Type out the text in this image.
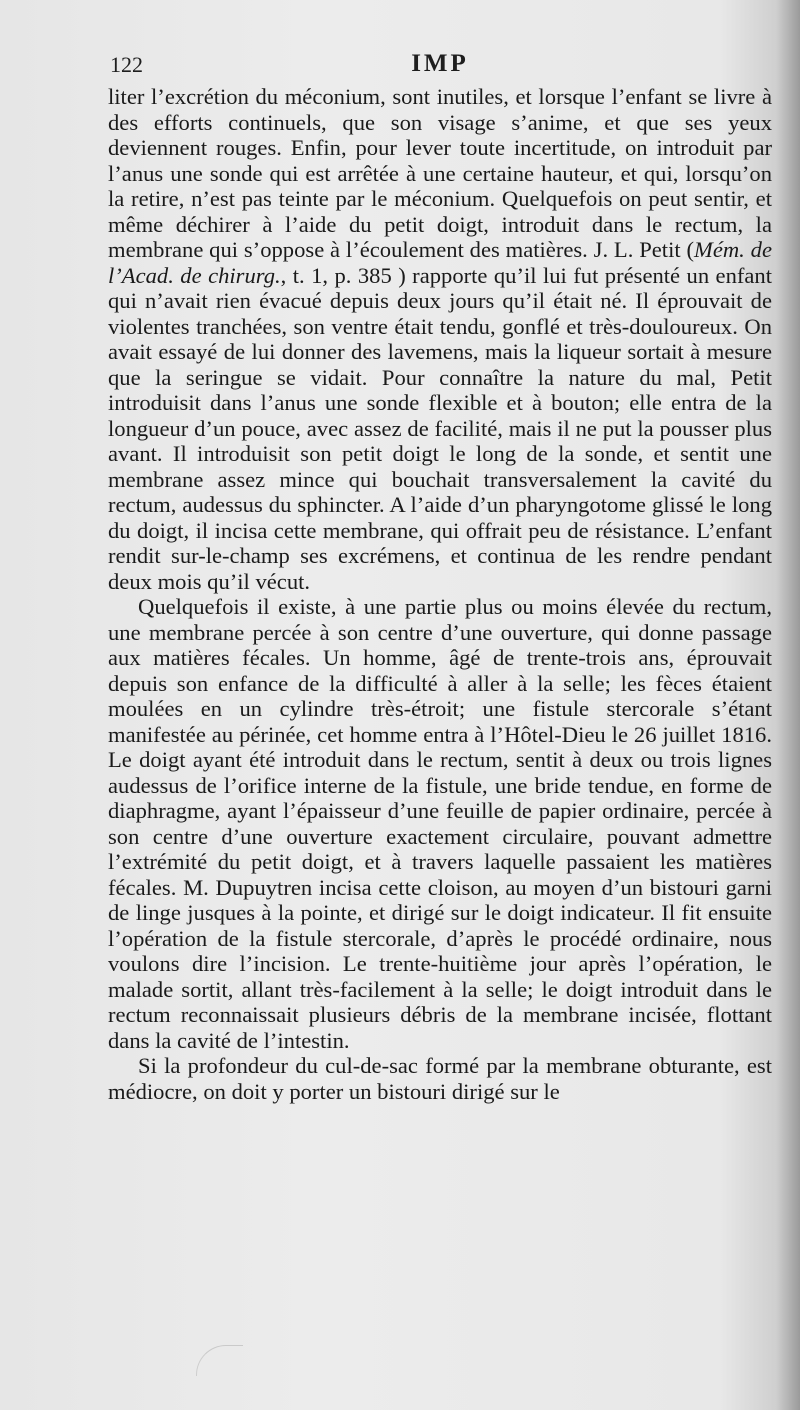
122	IMP

liter l’excrétion du méconium, sont inutiles, et lorsque l’enfant se livre à des efforts continuels, que son visage s’anime, et que ses yeux deviennent rouges. Enfin, pour lever toute incertitude, on introduit par l’anus une sonde qui est arrêtée à une certaine hauteur, et qui, lorsqu’on la retire, n’est pas teinte par le méconium. Quelquefois on peut sentir, et même déchirer à l’aide du petit doigt, introduit dans le rectum, la membrane qui s’oppose à l’écoulement des matières. J. L. Petit (Mém. de l’Acad. de chirurg., t. 1, p. 385 ) rapporte qu’il lui fut présenté un enfant qui n’avait rien évacué depuis deux jours qu’il était né. Il éprouvait de violentes tranchées, son ventre était tendu, gonflé et très-douloureux. On avait essayé de lui donner des lavemens, mais la liqueur sortait à mesure que la seringue se vidait. Pour connaître la nature du mal, Petit introduisit dans l’anus une sonde flexible et à bouton; elle entra de la longueur d’un pouce, avec assez de facilité, mais il ne put la pousser plus avant. Il introduisit son petit doigt le long de la sonde, et sentit une membrane assez mince qui bouchait transversalement la cavité du rectum, audessus du sphincter. A l’aide d’un pharyngotome glissé le long du doigt, il incisa cette membrane, qui offrait peu de résistance. L’enfant rendit sur-le-champ ses excrémens, et continua de les rendre pendant deux mois qu’il vécut.

Quelquefois il existe, à une partie plus ou moins élevée du rectum, une membrane percée à son centre d’une ouverture, qui donne passage aux matières fécales. Un homme, âgé de trente-trois ans, éprouvait depuis son enfance de la difficulté à aller à la selle; les fèces étaient moulées en un cylindre très-étroit; une fistule stercorale s’étant manifestée au périnée, cet homme entra à l’Hôtel-Dieu le 26 juillet 1816. Le doigt ayant été introduit dans le rectum, sentit à deux ou trois lignes audessus de l’orifice interne de la fistule, une bride tendue, en forme de diaphragme, ayant l’épaisseur d’une feuille de papier ordinaire, percée à son centre d’une ouverture exactement circulaire, pouvant admettre l’extrémité du petit doigt, et à travers laquelle passaient les matières fécales. M. Dupuytren incisa cette cloison, au moyen d’un bistouri garni de linge jusques à la pointe, et dirigé sur le doigt indicateur. Il fit ensuite l’opération de la fistule stercorale, d’après le procédé ordinaire, nous voulons dire l’incision. Le trente-huitième jour après l’opération, le malade sortit, allant très-facilement à la selle; le doigt introduit dans le rectum reconnaissait plusieurs débris de la membrane incisée, flottant dans la cavité de l’intestin.

Si la profondeur du cul-de-sac formé par la membrane obturante, est médiocre, on doit y porter un bistouri dirigé sur le
